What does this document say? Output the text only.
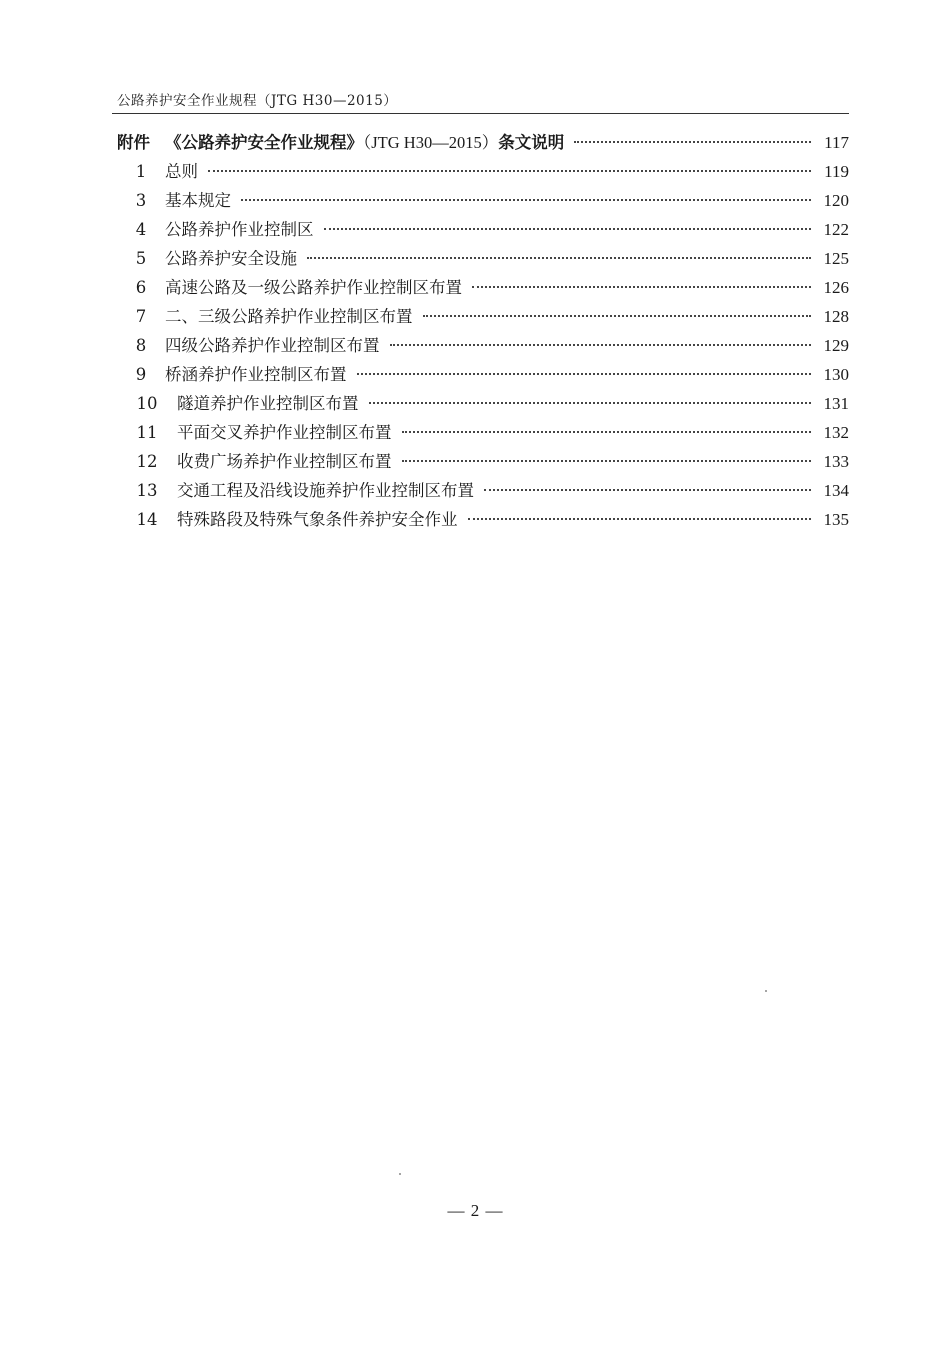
公路养护安全作业规程（JTG H30—2015）
附件 《公路养护安全作业规程》（JTG H30—2015）条文说明	117
1	总则	119
3	基本规定	120
4	公路养护作业控制区	122
5	公路养护安全设施	125
6	高速公路及一级公路养护作业控制区布置	126
7	二、三级公路养护作业控制区布置	128
8	四级公路养护作业控制区布置	129
9	桥涵养护作业控制区布置	130
10	隧道养护作业控制区布置	131
11	平面交叉养护作业控制区布置	132
12	收费广场养护作业控制区布置	133
13	交通工程及沿线设施养护作业控制区布置	134
14	特殊路段及特殊气象条件养护安全作业	135
— 2 —
